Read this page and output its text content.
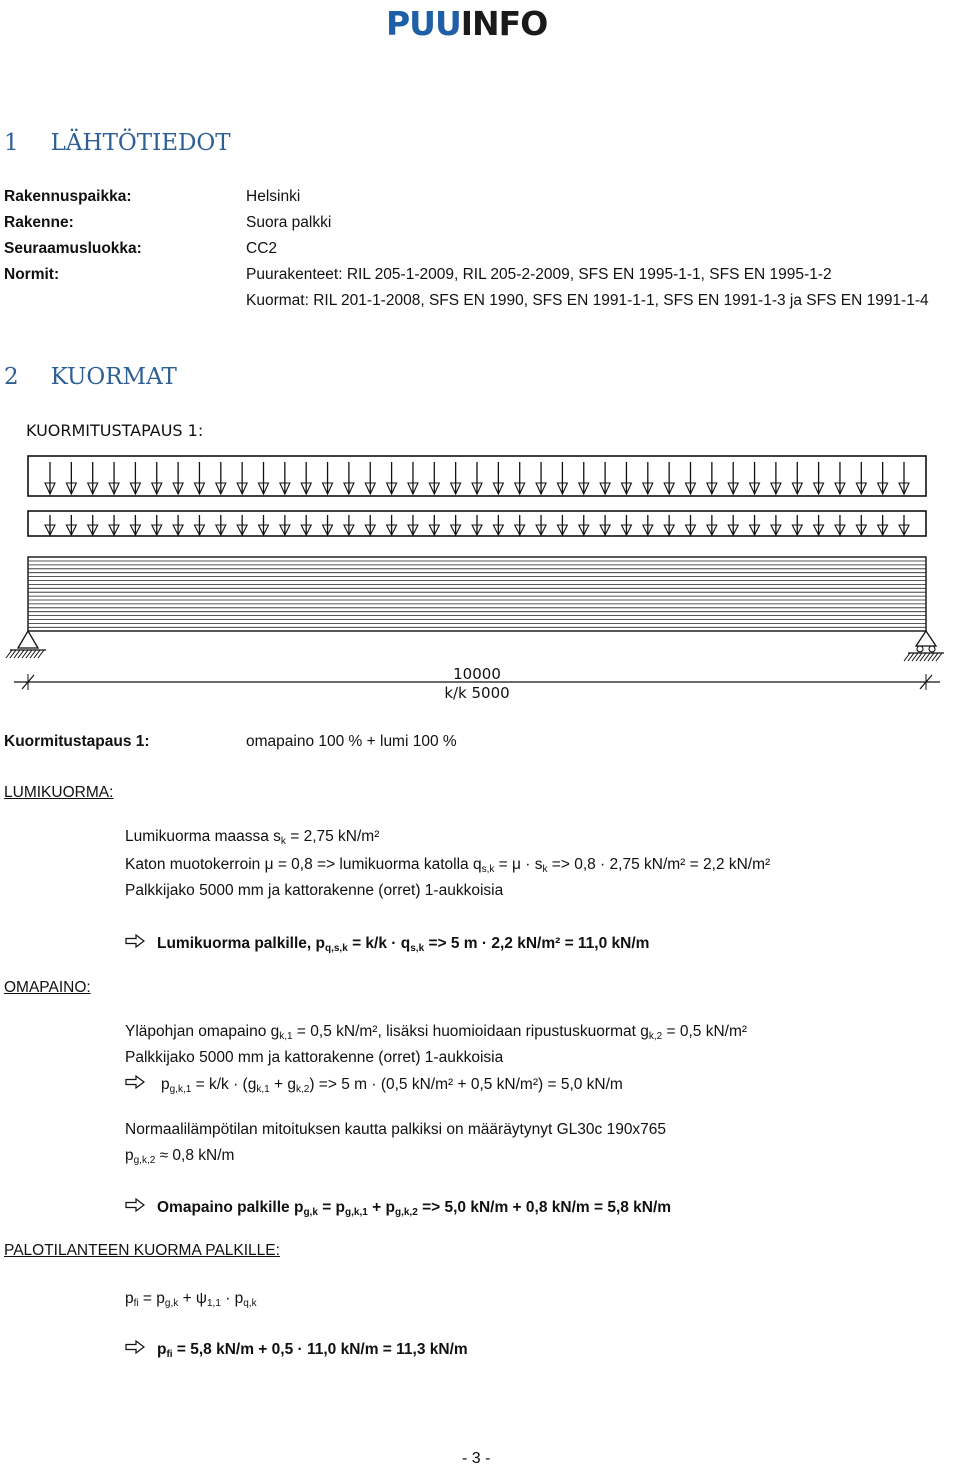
PUUINFO
1 LÄHTÖTIEDOT
Rakennuspaikka:	Helsinki
Rakenne:	Suora palkki
Seuraamusluokka:	CC2
Normit:	Puurakenteet: RIL 205-1-2009, RIL 205-2-2009, SFS EN 1995-1-1, SFS EN 1995-1-2
Kuormat: RIL 201-1-2008, SFS EN 1990, SFS EN 1991-1-1, SFS EN 1991-1-3 ja SFS EN 1991-1-4
2 KUORMAT
KUORMITUSTAPAUS 1:
10000
k/k 5000
Kuormitustapaus 1:	omapaino 100 % + lumi 100 %
LUMIKUORMA:
Lumikuorma maassa $s_k = 2,75$ kN/m²
Katon muotokerroin μ = 0,8 => lumikuorma katolla $q_{s,k} = \mu \cdot s_k => 0,8 \cdot 2,75$ kN/m² = 2,2 kN/m²
Palkkijako 5000 mm ja kattorakenne (orret) 1-aukkoisia
Lumikuorma palkille, $p_{q,s,k} = k/k \cdot q_{s,k} => 5$ m · 2,2 kN/m² = 11,0 kN/m
OMAPAINO:
Yläpohjan omapaino $g_{k,1} = 0,5$ kN/m², lisäksi huomioidaan ripustuskuormat $g_{k,2} = 0,5$ kN/m²
Palkkijako 5000 mm ja kattorakenne (orret) 1-aukkoisia
$p_{g,k,1} = k/k \cdot (g_{k,1} + g_{k,2}) => 5$ m · (0,5 kN/m² + 0,5 kN/m²) = 5,0 kN/m
Normaalilämpötilan mitoituksen kautta palkiksi on määräytynyt GL30c 190x765
$p_{g,k,2} \approx 0,8$ kN/m
Omapaino palkille $p_{g,k} = p_{g,k,1} + p_{g,k,2} => 5,0$ kN/m + 0,8 kN/m = 5,8 kN/m
PALOTILANTEEN KUORMA PALKILLE:
$p_{fi} = p_{g,k} + \psi_{1,1} \cdot p_{q,k}$
$p_{fi} = 5,8$ kN/m + 0,5 · 11,0 kN/m = 11,3 kN/m
- 3 -
